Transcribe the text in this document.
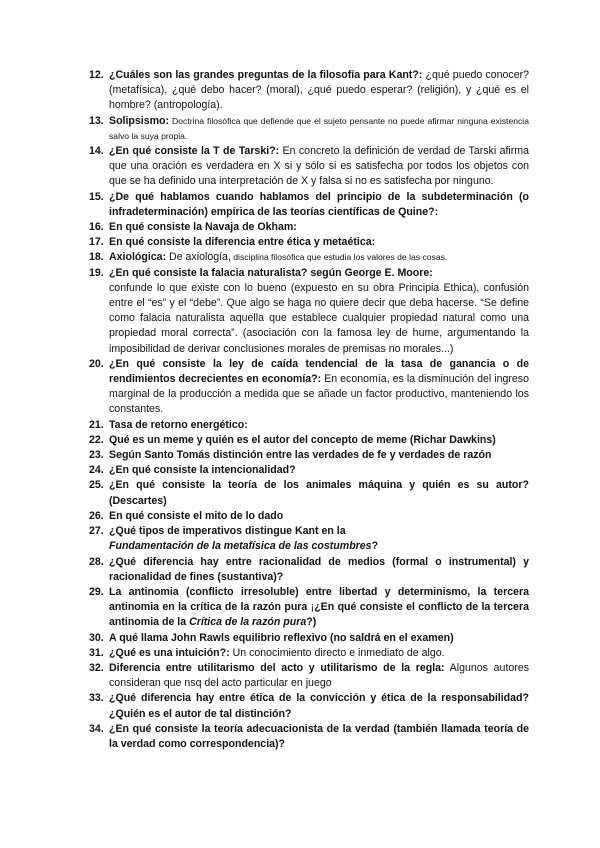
12. ¿Cuáles son las grandes preguntas de la filosofía para Kant?: ¿qué puedo conocer? (metafísica), ¿qué debo hacer? (moral), ¿qué puedo esperar? (religión), y ¿qué es el hombre? (antropología).

13. Solipsismo: Doctrina filosófica que defiende que el sujeto pensante no puede afirmar ninguna existencia salvo la suya propia.

14. ¿En qué consiste la T de Tarski?: En concreto la definición de verdad de Tarski afirma que una oración es verdadera en X si y sólo si es satisfecha por todos los objetos con que se ha definido una interpretación de X y falsa si no es satisfecha por ninguno.

15. ¿De qué hablamos cuando hablamos del principio de la subdeterminación (o infradeterminación) empírica de las teorías científicas de Quine?:

16. En qué consiste la Navaja de Okham:

17. En qué consiste la diferencia entre ética y metaética:

18. Axiológica: De axiología, disciplina filosófica que estudia los valores de las cosas.

19. ¿En qué consiste la falacia naturalista? según George E. Moore:
confunde lo que existe con lo bueno (expuesto en su obra Principia Ethica), confusión entre el “es” y el “debe”. Que algo se haga no quiere decir que deba hacerse. “Se define como falacia naturalista aquella que establece cualquier propiedad natural como una propiedad moral correcta”. (asociación con la famosa ley de hume, argumentando la imposibilidad de derivar conclusiones morales de premisas no morales...)

20. ¿En qué consiste la ley de caída tendencial de la tasa de ganancia o de rendimientos decrecientes en economía?: En economía, es la disminución del ingreso marginal de la producción a medida que se añade un factor productivo, manteniendo los constantes.

21. Tasa de retorno energético:

22. Qué es un meme y quién es el autor del concepto de meme (Richar Dawkins)

23. Según Santo Tomás distinción entre las verdades de fe y verdades de razón

24. ¿En qué consiste la intencionalidad?

25. ¿En qué consiste la teoría de los animales máquina y quién es su autor? (Descartes)

26. En qué consiste el mito de lo dado

27. ¿Qué tipos de imperativos distingue Kant en la
Fundamentación de la metafísica de las costumbres?

28. ¿Qué diferencia hay entre racionalidad de medios (formal o instrumental) y racionalidad de fines (sustantiva)?

29. La antinomia (conflicto irresoluble) entre libertad y determinismo, la tercera antinomia en la crítica de la razón pura ¡¿En qué consiste el conflicto de la tercera antinomia de la Crítica de la razón pura?)

30. A qué llama John Rawls equilibrio reflexivo (no saldrá en el examen)

31. ¿Qué es una intuición?: Un conocimiento directo e inmediato de algo.

32. Diferencia entre utilitarismo del acto y utilitarismo de la regla: Algunos autores consideran que nsq del acto particular en juego

33. ¿Qué diferencia hay entre ética de la convicción y ética de la responsabilidad? ¿Quién es el autor de tal distinción?

34. ¿En qué consiste la teoría adecuacionista de la verdad (también llamada teoría de la verdad como correspondencia)?
